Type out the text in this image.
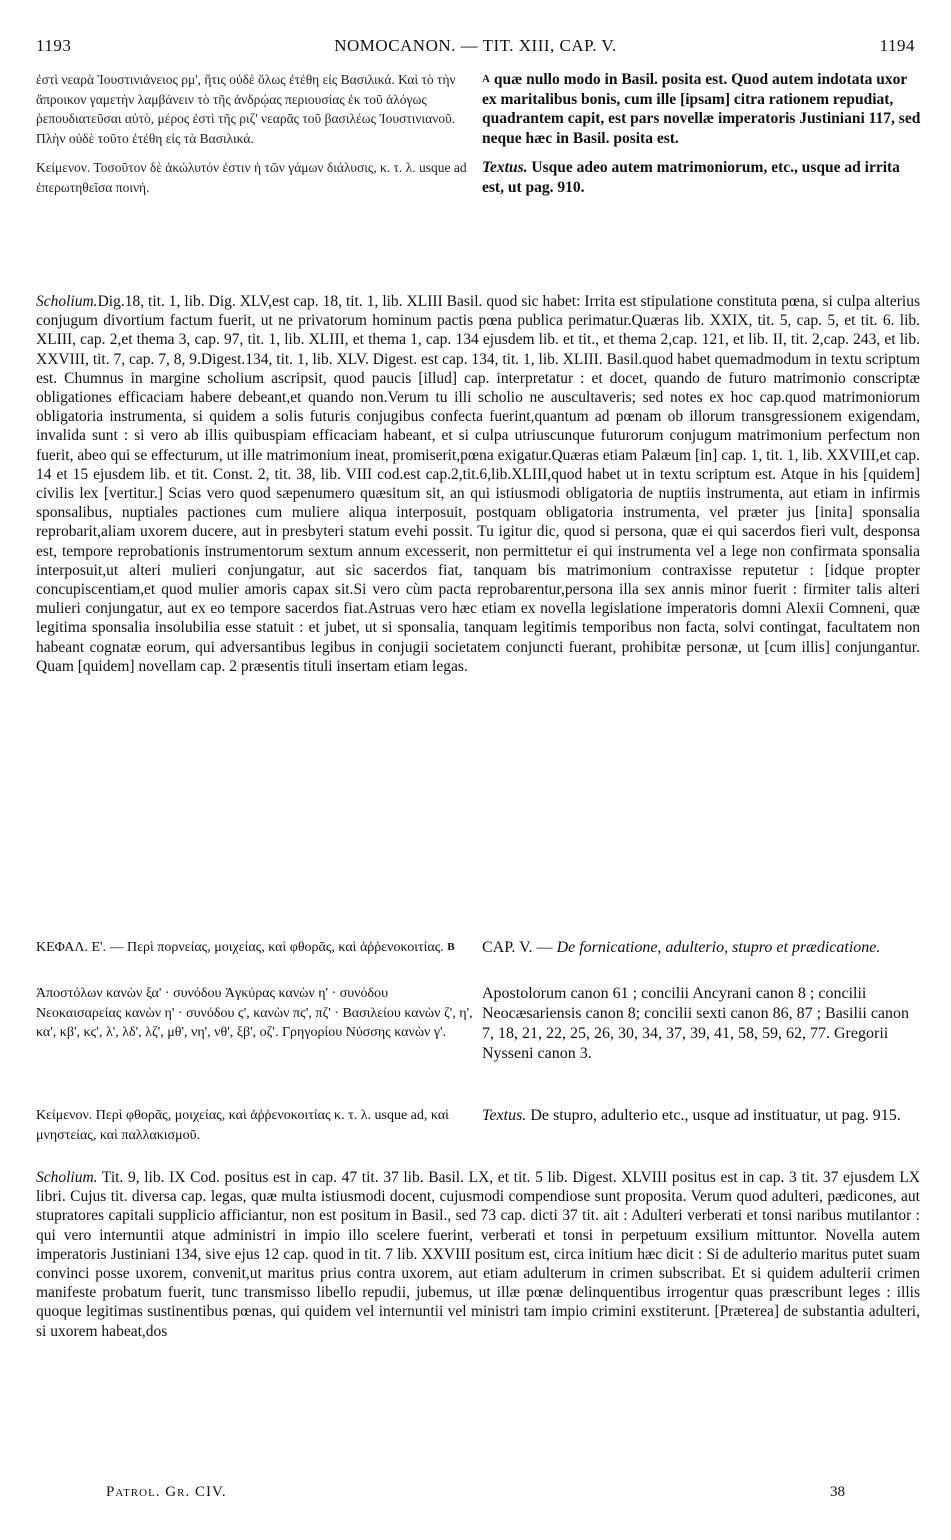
1193	NOMOCANON. — TIT. XIII, CAP. V.	1194
ἐστὶ νεαρὰ Ἰουστινιάνειος ρμ', ἥτις οὐδὲ ὅλως ἐτέθη εἰς Βασιλικά. Καὶ τὸ τὴν ἄπροικον γαμετὴν λαμβάνειν τὸ τῆς ἀνδρῴας περιουσίας ἐκ τοῦ ἀλόγως ῥεπουδιατεῦσαι αὐτὸ, μέρος ἐστὶ τῆς ριζ' νεαρᾶς τοῦ βασιλέως Ἰουστινιανοῦ. Πλὴν οὐδὲ τοῦτο ἐτέθη εἰς τὰ Βασιλικά.
Κείμενον. Τοσοῦτον δὲ ἀκώλυτόν ἐστιν ἡ τῶν γάμων διάλυσις, κ. τ. λ. usque ad ἐπερωτηθεῖσα ποινή.
$^A$ quæ nullo modo in Basil. posita est. Quod autem indotata uxor ex maritalibus bonis, cum ille [ipsam] citra rationem repudiat, quadrantem capit, est pars novellæ imperatoris Justiniani 117, sed neque hæc in Basil. posita est.
Textus. Usque adeo autem matrimoniorum, etc., usque ad irrita est, ut pag. 910.
Scholium.Dig.18, tit. 1, lib. Dig. XLV,est cap. 18, tit. 1, lib. XLIII Basil. quod sic habet: Irrita est stipulatione constituta pœna, si culpa alterius conjugum divortium factum fuerit, ut ne privatorum hominum pactis pœna publica perimatur.Quæras lib. XXIX, tit. 5, cap. 5, et tit. 6. lib. XLIII, cap. 2,et thema 3, cap. 97, tit. 1, lib. XLIII, et thema 1, cap. 134 ejusdem lib. et tit., et thema 2,cap. 121, et lib. II, tit. 2,cap. 243, et lib. XXVIII, tit. 7, cap. 7, 8, 9.Digest.134, tit. 1, lib. XLV. Digest. est cap. 134, tit. 1, lib. XLIII. Basil.quod habet quemadmodum in textu scriptum est. Chumnus in margine scholium ascripsit, quod paucis [illud] cap. interpretatur : et docet, quando de futuro matrimonio conscriptæ obligationes efficaciam habere debeant,et quando non.Verum tu illi scholio ne auscultaveris; sed notes ex hoc cap.quod matrimoniorum obligatoria instrumenta, si quidem a solis futuris conjugibus confecta fuerint,quantum ad pœnam ob illorum transgressionem exigendam, invalida sunt : si vero ab illis quibuspiam efficaciam habeant, et si culpa utriuscunque futurorum conjugum matrimonium perfectum non fuerit, abeo qui se effecturum, ut ille matrimonium ineat, promiserit,pœna exigatur.Quæras etiam Palæum [in] cap. 1, tit. 1, lib. XXVIII,et cap. 14 et 15 ejusdem lib. et tit. Const. 2, tit. 38, lib. VIII cod.est cap.2,tit.6,lib.XLIII,quod habet ut in textu scriptum est. Atque in his [quidem] civilis lex [vertitur.] Scias vero quod sæpenumero quæsitum sit, an qui istiusmodi obligatoria de nuptiis instrumenta, aut etiam in infirmis sponsalibus, nuptiales pactiones cum muliere aliqua interposuit, postquam obligatoria instrumenta, vel præter jus [inita] sponsalia reprobarit,aliam uxorem ducere, aut in presbyteri statum evehi possit. Tu igitur dic, quod si persona, quæ ei qui sacerdos fieri vult, desponsa est, tempore reprobationis instrumentorum sextum annum excesserit, non permittetur ei qui instrumenta vel a lege non confirmata sponsalia interposuit,ut alteri mulieri conjungatur, aut sic sacerdos fiat, tanquam bis matrimonium contraxisse reputetur : [idque propter concupiscentiam,et quod mulier amoris capax sit.Si vero cùm pacta reprobarentur,persona illa sex annis minor fuerit : firmiter talis alteri mulieri conjungatur, aut ex eo tempore sacerdos fiat.Astruas vero hæc etiam ex novella legislatione imperatoris domni Alexii Comneni, quæ legitima sponsalia insolubilia esse statuit : et jubet, ut si sponsalia, tanquam legitimis temporibus non facta, solvi contingat, facultatem non habeant cognatæ eorum, qui adversantibus legibus in conjugii societatem conjuncti fuerant, prohibitæ personæ, ut [cum illis] conjungantur. Quam [quidem] novellam cap. 2 præsentis tituli insertam etiam legas.
ΚΕΦΑΛ. Ε'. — Περὶ πορνείας, μοιχείας, καὶ φθορᾶς, καὶ ἀῤῥενοκοιτίας. $^B$	CAP. V. — De fornicatione, adulterio, stupro et prædicatione.
Ἀποστόλων κανὼν ξα' · συνόδου Ἀγκύρας κανὼν η' · συνόδου Νεοκαισαρείας κανὼν η' · συνόδου ϛ', κανὼν πϛ', πζ' · Βασιλείου κανὼν ζ', η', κα', κβ', κϛ', λ', λδ', λζ', μθ', νη', νθ', ξβ', οζ'. Γρηγορίου Νύσσης κανὼν γ'.
Apostolorum canon 61 ; concilii Ancyrani canon 8 ; concilii Neocæsariensis canon 8; concilii sexti canon 86, 87 ; Basilii canon 7, 18, 21, 22, 25, 26, 30, 34, 37, 39, 41, 58, 59, 62, 77. Gregorii Nysseni canon 3.
Κείμενον. Περὶ φθορᾶς, μοιχείας, καὶ ἀῤῥενοκοιτίας κ. τ. λ. usque ad, καὶ μνηστείας, καὶ παλλακισμοῦ.
Textus. De stupro, adulterio etc., usque ad instituatur, ut pag. 915.
Scholium. Tit. 9, lib. IX Cod. positus est in cap. 47 tit. 37 lib. Basil. LX, et tit. 5 lib. Digest. XLVIII positus est in cap. 3 tit. 37 ejusdem LX libri. Cujus tit. diversa cap. legas, quæ multa istiusmodi docent, cujusmodi compendiose sunt proposita. Verum quod adulteri, pædicones, aut stupratores capitali supplicio afficiantur, non est positum in Basil., sed 73 cap. dicti 37 tit. ait : Adulteri verberati et tonsi naribus mutilantor : qui vero internuntii atque administri in impio illo scelere fuerint, verberati et tonsi in perpetuum exsilium mittuntor. Novella autem imperatoris Justiniani 134, sive ejus 12 cap. quod in tit. 7 lib. XXVIII positum est, circa initium hæc dicit : Si de adulterio maritus putet suam convinci posse uxorem, convenit,ut maritus prius contra uxorem, aut etiam adulterum in crimen subscribat. Et si quidem adulterii crimen manifeste probatum fuerit, tunc transmisso libello repudii, jubemus, ut illæ pœnæ delinquentibus irrogentur quas præscribunt leges : illis quoque legitimas sustinentibus pœnas, qui quidem vel internuntii vel ministri tam impio crimini exstiterunt. [Præterea] de substantia adulteri, si uxorem habeat,dos
Patrol. Gr. CIV.	38
